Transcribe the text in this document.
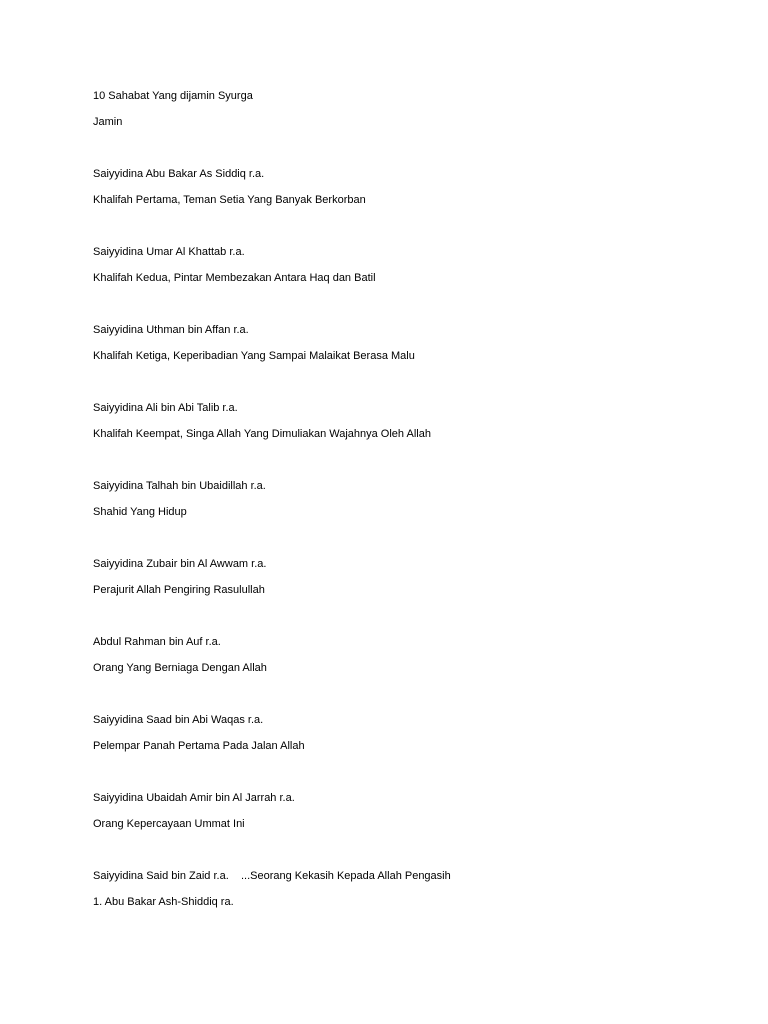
10 Sahabat Yang dijamin Syurga

Jamin

Saiyyidina Abu Bakar As Siddiq r.a.

Khalifah Pertama, Teman Setia Yang Banyak Berkorban

Saiyyidina Umar Al Khattab r.a.

Khalifah Kedua, Pintar Membezakan Antara Haq dan Batil

Saiyyidina Uthman bin Affan r.a.

Khalifah Ketiga, Keperibadian Yang Sampai Malaikat Berasa Malu

Saiyyidina Ali bin Abi Talib r.a.

Khalifah Keempat, Singa Allah Yang Dimuliakan Wajahnya Oleh Allah

Saiyyidina Talhah bin Ubaidillah r.a.

Shahid Yang Hidup

Saiyyidina Zubair bin Al Awwam r.a.

Perajurit Allah Pengiring Rasulullah

Abdul Rahman bin Auf r.a.

Orang Yang Berniaga Dengan Allah

Saiyyidina Saad bin Abi Waqas r.a.

Pelempar Panah Pertama Pada Jalan Allah

Saiyyidina Ubaidah Amir bin Al Jarrah r.a.

Orang Kepercayaan Ummat Ini

Saiyyidina Said bin Zaid r.a.    ...Seorang Kekasih Kepada Allah Pengasih

1. Abu Bakar Ash-Shiddiq ra.
